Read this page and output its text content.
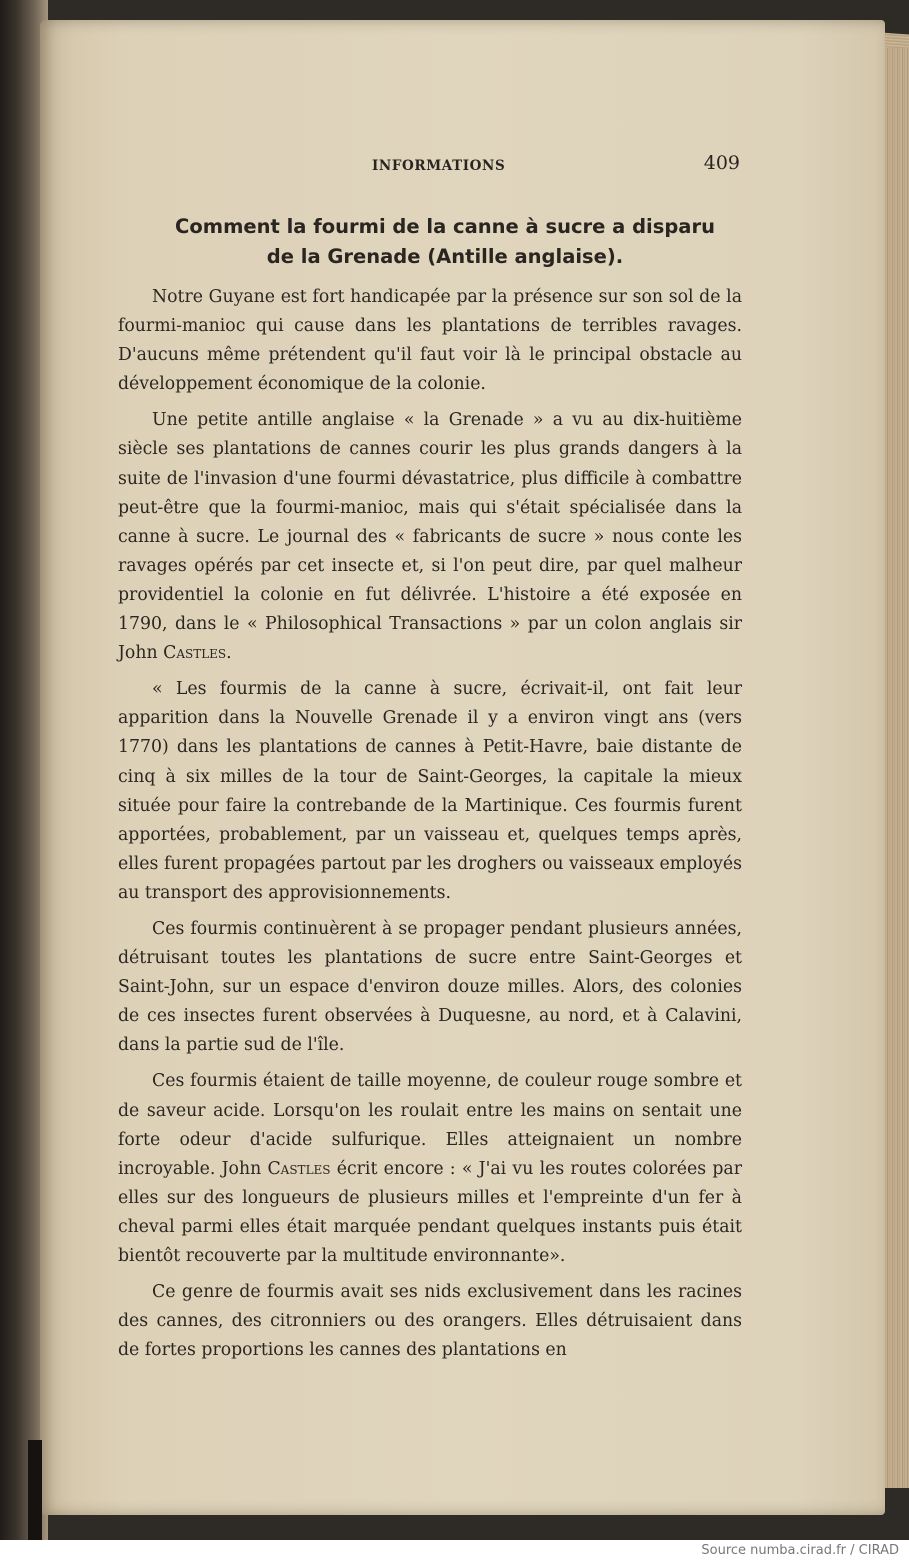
INFORMATIONS	409
Comment la fourmi de la canne à sucre a disparu
de la Grenade (Antille anglaise).

Notre Guyane est fort handicapée par la présence sur son sol de la fourmi-manioc qui cause dans les plantations de terribles ravages. D'aucuns même prétendent qu'il faut voir là le principal obstacle au développement économique de la colonie.

Une petite antille anglaise « la Grenade » a vu au dix-huitième siècle ses plantations de cannes courir les plus grands dangers à la suite de l'invasion d'une fourmi dévastatrice, plus difficile à combattre peut-être que la fourmi-manioc, mais qui s'était spécialisée dans la canne à sucre. Le journal des « fabricants de sucre » nous conte les ravages opérés par cet insecte et, si l'on peut dire, par quel malheur providentiel la colonie en fut délivrée. L'histoire a été exposée en 1790, dans le « Philosophical Transactions » par un colon anglais sir John Castles.

« Les fourmis de la canne à sucre, écrivait-il, ont fait leur apparition dans la Nouvelle Grenade il y a environ vingt ans (vers 1770) dans les plantations de cannes à Petit-Havre, baie distante de cinq à six milles de la tour de Saint-Georges, la capitale la mieux située pour faire la contrebande de la Martinique. Ces fourmis furent apportées, probablement, par un vaisseau et, quelques temps après, elles furent propagées partout par les droghers ou vaisseaux employés au transport des approvisionnements.

Ces fourmis continuèrent à se propager pendant plusieurs années, détruisant toutes les plantations de sucre entre Saint-Georges et Saint-John, sur un espace d'environ douze milles. Alors, des colonies de ces insectes furent observées à Duquesne, au nord, et à Calavini, dans la partie sud de l'île.

Ces fourmis étaient de taille moyenne, de couleur rouge sombre et de saveur acide. Lorsqu'on les roulait entre les mains on sentait une forte odeur d'acide sulfurique. Elles atteignaient un nombre incroyable. John Castles écrit encore : « J'ai vu les routes colorées par elles sur des longueurs de plusieurs milles et l'empreinte d'un fer à cheval parmi elles était marquée pendant quelques instants puis était bientôt recouverte par la multitude environnante».

Ce genre de fourmis avait ses nids exclusivement dans les racines des cannes, des citronniers ou des orangers. Elles détruisaient dans de fortes proportions les cannes des plantations en

Source numba.cirad.fr / CIRAD
